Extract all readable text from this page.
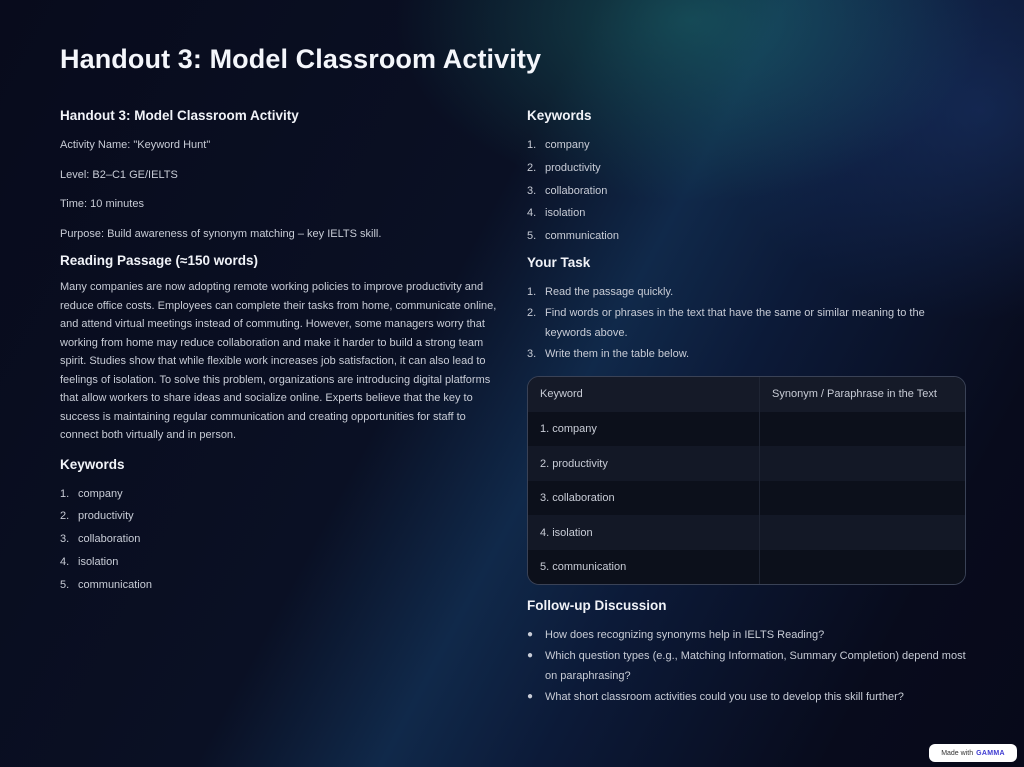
Handout 3: Model Classroom Activity
Handout 3: Model Classroom Activity

Activity Name: "Keyword Hunt"

Level: B2–C1 GE/IELTS

Time: 10 minutes

Purpose: Build awareness of synonym matching – key IELTS skill.

Reading Passage (≈150 words)

Many companies are now adopting remote working policies to improve productivity and reduce office costs. Employees can complete their tasks from home, communicate online, and attend virtual meetings instead of commuting. However, some managers worry that working from home may reduce collaboration and make it harder to build a strong team spirit. Studies show that while flexible work increases job satisfaction, it can also lead to feelings of isolation. To solve this problem, organizations are introducing digital platforms that allow workers to share ideas and socialize online. Experts believe that the key to success is maintaining regular communication and creating opportunities for staff to connect both virtually and in person.

Keywords
1. company
2. productivity
3. collaboration
4. isolation
5. communication
Keywords
1. company
2. productivity
3. collaboration
4. isolation
5. communication
Your Task
1. Read the passage quickly.
2. Find words or phrases in the text that have the same or similar meaning to the keywords above.
3. Write them in the table below.
Keyword	Synonym / Paraphrase in the Text
1. company
2. productivity
3. collaboration
4. isolation
5. communication
Follow-up Discussion
●	How does recognizing synonyms help in IELTS Reading?
●	Which question types (e.g., Matching Information, Summary Completion) depend most on paraphrasing?
●	What short classroom activities could you use to develop this skill further?
Made with GAMMA
